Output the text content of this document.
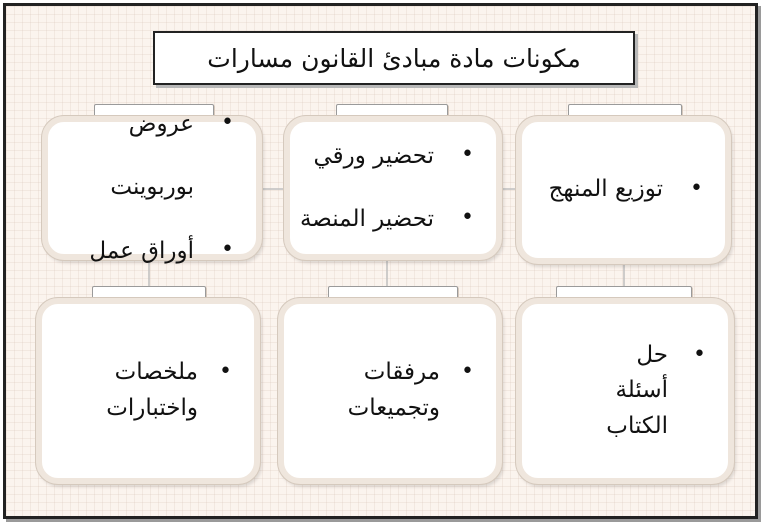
مكونات مادة مبادئ القانون مسارات
•
عروض بوربوينت
•
أوراق عمل
•
تحضير ورقي
•
تحضير المنصة
•
توزيع المنهج
•
ملخصات واختبارات
•
مرفقات وتجميعات
•
حل أسئلة الكتاب
